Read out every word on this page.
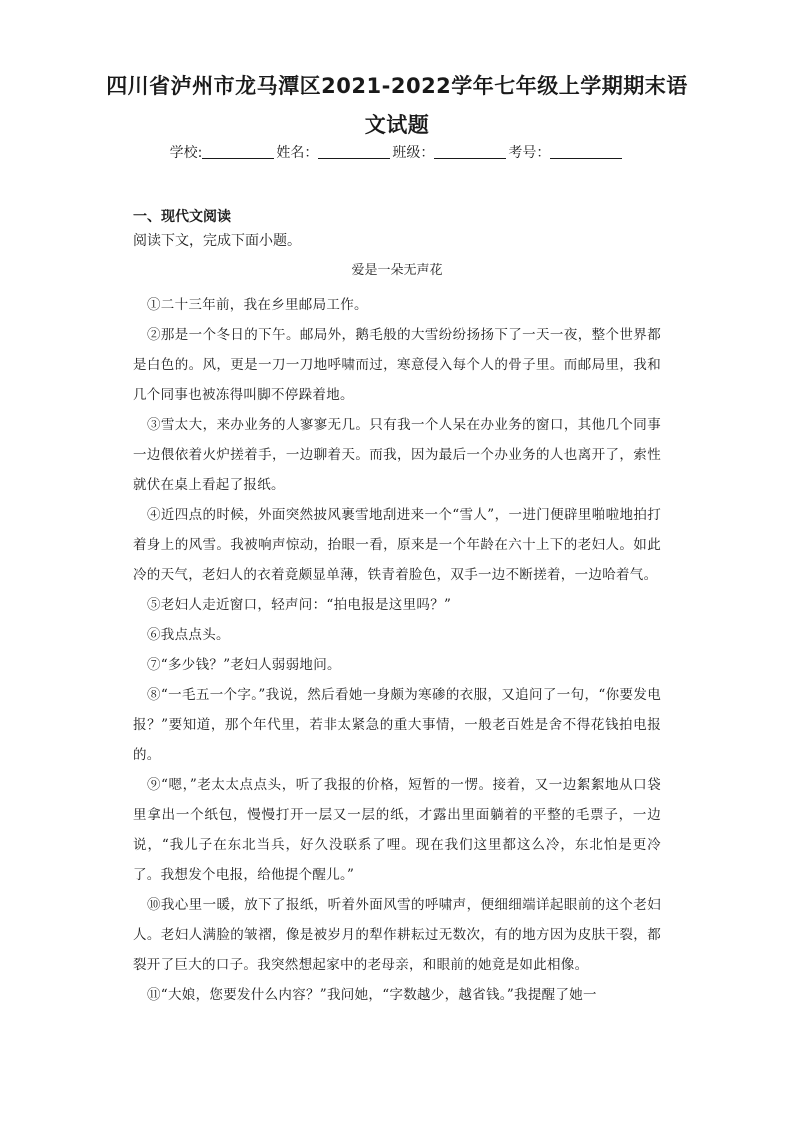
四川省泸州市龙马潭区2021-2022学年七年级上学期期末语
文试题
学校:	姓名：	班级：	考号：
一、现代文阅读
阅读下文，完成下面小题。
爱是一朵无声花

①二十三年前，我在乡里邮局工作。

②那是一个冬日的下午。邮局外，鹅毛般的大雪纷纷扬扬下了一天一夜，整个世界都是白色的。风，更是一刀一刀地呼啸而过，寒意侵入每个人的骨子里。而邮局里，我和几个同事也被冻得叫脚不停跺着地。

③雪太大，来办业务的人寥寥无几。只有我一个人呆在办业务的窗口，其他几个同事一边偎依着火炉搓着手，一边聊着天。而我，因为最后一个办业务的人也离开了，索性就伏在桌上看起了报纸。

④近四点的时候，外面突然披风裹雪地刮进来一个“雪人”，一进门便辟里啪啦地拍打着身上的风雪。我被响声惊动，抬眼一看，原来是一个年龄在六十上下的老妇人。如此冷的天气，老妇人的衣着竟颇显单薄，铁青着脸色，双手一边不断搓着，一边哈着气。

⑤老妇人走近窗口，轻声问：“拍电报是这里吗？”

⑥我点点头。

⑦“多少钱？”老妇人弱弱地问。

⑧“一毛五一个字。”我说，然后看她一身颇为寒碜的衣服，又追问了一句，“你要发电报？”要知道，那个年代里，若非太紧急的重大事情，一般老百姓是舍不得花钱拍电报的。

⑨“嗯，”老太太点点头，听了我报的价格，短暂的一愣。接着，又一边絮絮地从口袋里拿出一个纸包，慢慢打开一层又一层的纸，才露出里面躺着的平整的毛票子，一边说，“我儿子在东北当兵，好久没联系了哩。现在我们这里都这么冷，东北怕是更冷了。我想发个电报，给他提个醒儿。”

⑩我心里一暖，放下了报纸，听着外面风雪的呼啸声，便细细端详起眼前的这个老妇人。老妇人满脸的皱褶，像是被岁月的犁作耕耘过无数次，有的地方因为皮肤干裂，都裂开了巨大的口子。我突然想起家中的老母亲，和眼前的她竟是如此相像。

⑪“大娘，您要发什么内容？”我问她，“字数越少，越省钱。”我提醒了她一
